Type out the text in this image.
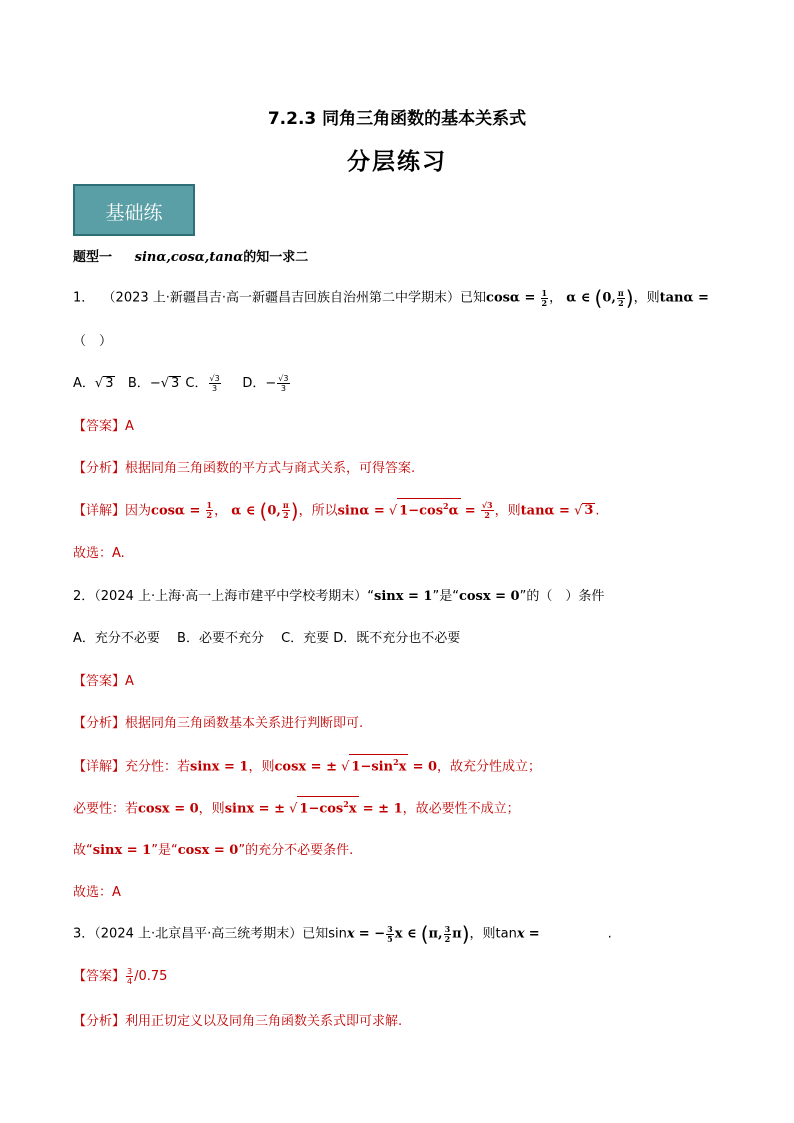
7.2.3 同角三角函数的基本关系式
分层练习
基础练
题型一 sinα,cosα,tanα的知一求二
1． （2023 上·新疆昌吉·高一新疆昌吉回族自治州第二中学期末）已知$\cos\alpha = \frac{1}{2}$ ， α ∈ (0, $\frac{\pi}{2}$ )，则tanα =
（　）
A．√ 3 B．−√ 3 C． $\frac{√3}{3}$ D．− $\frac{√3}{3}$
【答案】A
【分析】根据同角三角函数的平方式与商式关系，可得答案.
【详解】因为$\cos\alpha = \frac{1}{2}$ ， α ∈ (0, $\frac{\pi}{2}$ )，所以sinα = √ $1-\cos^2\alpha = \frac{√3}{2}$ ，则tanα = √ 3 .
故选：A.
2．（2024 上·上海·高一上海市建平中学校考期末）“sinx = 1”是“cosx = 0”的（　）条件
A．充分不必要　 B．必要不充分　 C．充要 D．既不充分也不必要
【答案】A
【分析】根据同角三角函数基本关系进行判断即可.
【详解】充分性：若sinx = 1，则cosx = ± √ $1-\sin^2x = 0$，故充分性成立；
必要性：若cosx = 0，则sinx = ± √ $1-\cos^2x$ = ± 1，故必要性不成立；
故“sinx = 1”是“cosx = 0”的充分不必要条件.
故选：A
3．（2024 上·北京昌平·高三统考期末）已知sinx = − $\frac{3}{5}$ x ∈ (π, $\frac{3}{2} \pi$)，则tanx =	.
【答案】 $\frac{3}{4} /0.75$
【分析】利用正切定义以及同角三角函数关系式即可求解.
